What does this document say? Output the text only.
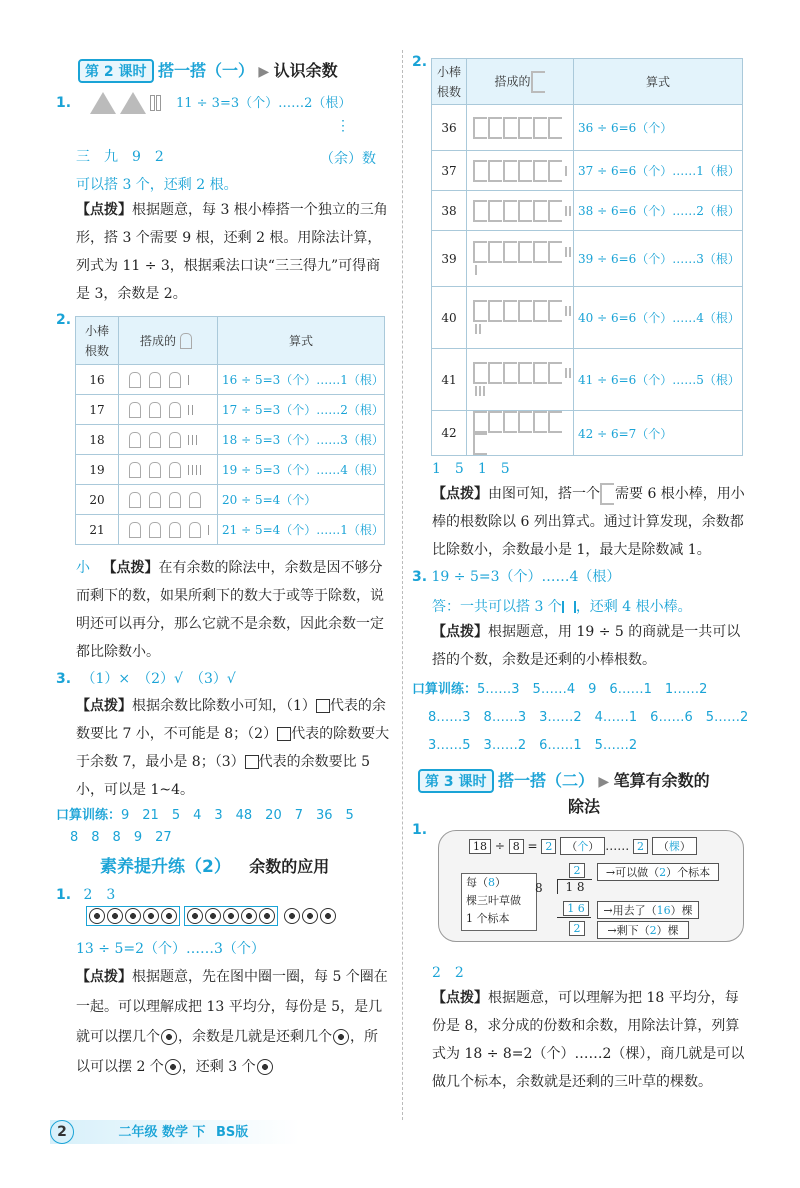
第 2 课时 搭一搭（一） ▶ 认识余数
1.	11 ÷ 3=3（个）……2（根）
⋮
三　九　9　2	（余）数
可以搭 3 个，还剩 2 根。
【点拨】根据题意，每 3 根小棒搭一个独立的三角形，搭 3 个需要 9 根，还剩 2 根。用除法计算，列式为 11 ÷ 3，根据乘法口诀“三三得九”可得商是 3，余数是 2。
2.
小棒
根数	搭成的	算式
16		16 ÷ 5=3（个）……1（根）
17		17 ÷ 5=3（个）……2（根）
18		18 ÷ 5=3（个）……3（根）
19		19 ÷ 5=3（个）……4（根）
20		20 ÷ 5=4（个）
21		21 ÷ 5=4（个）……1（根）
小 【点拨】在有余数的除法中，余数是因不够分而剩下的数，如果所剩下的数大于或等于除数，说明还可以再分，那么它就不是余数，因此余数一定都比除数小。
3. （1）×　（2）√　（3）√
【点拨】根据余数比除数小可知，（1） 代表的余数要比 7 小，不可能是 8；（2） 代表的除数要大于余数 7，最小是 8；（3） 代表的余数要比 5 小，可以是 1~4。
口算训练：9　21　5　4　3　48　20　7　36　5
8　8　8　9　27
素养提升练（2） 余数的应用
1. 2　3

13 ÷ 5=2（个）……3（个）
【点拨】根据题意，先在图中圈一圈，每 5 个圈在一起。可以理解成把 13 平均分，每份是 5，是几就可以摆几个 ，余数是几就是还剩几个 ，所以可以摆 2 个 ，还剩 3 个
2	二年级 数学 下 BS版
2.
小棒
根数	搭成的	算式
36		36 ÷ 6=6（个）
37		37 ÷ 6=6（个）……1（根）
38		38 ÷ 6=6（个）……2（根）
39		39 ÷ 6=6（个）……3（根）
40		40 ÷ 6=6（个）……4（根）
41		41 ÷ 6=6（个）……5（根）
42		42 ÷ 6=7（个）
1　5　1　5
【点拨】由图可知，搭一个 需要 6 根小棒，用小棒的根数除以 6 列出算式。通过计算发现，余数都比除数小，余数最小是 1，最大是除数减 1。
3. 19 ÷ 5=3（个）……4（根）
答：一共可以搭 3 个 ，还剩 4 根小棒。
【点拨】根据题意，用 19 ÷ 5 的商就是一共可以搭的个数，余数是还剩的小棒根数。
口算训练：5……3　5……4　9　6……1　1……2
8……3　8……3　3……2　4……1　6……6　5……2
3……5　3……2　6……1　5……2
第 3 课时 搭一搭（二） ▶ 笔算有余数的
除法
1.
18 ÷ 8 = 2 （个） …… 2 （棵）
每（8）
棵三叶草做
1 个标本
8
2
1 8
1 6
2
→可以做（2）个标本
→用去了（16）棵
→剩下（2）棵
2　2
【点拨】根据题意，可以理解为把 18 平均分，每份是 8，求分成的份数和余数，用除法计算，列算式为 18 ÷ 8=2（个）……2（棵），商几就是可以做几个标本，余数就是还剩的三叶草的棵数。
